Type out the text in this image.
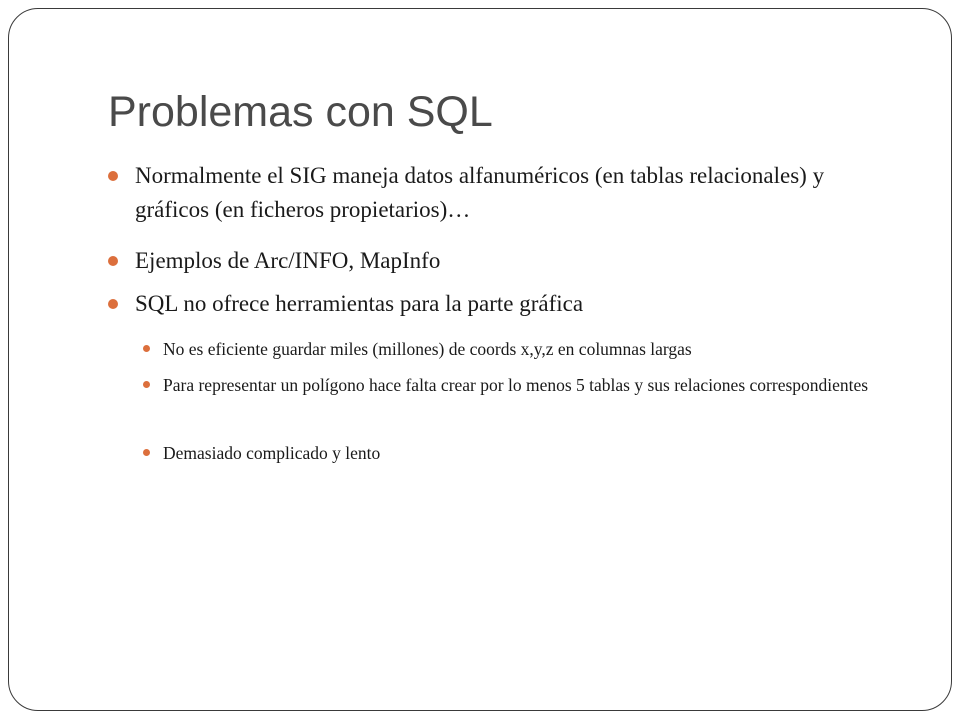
Problemas con SQL
Normalmente el SIG maneja datos alfanuméricos (en tablas relacionales) y gráficos (en ficheros propietarios)…
Ejemplos de Arc/INFO, MapInfo
SQL no ofrece herramientas para la parte gráfica
No es eficiente guardar miles (millones) de coords x,y,z en columnas largas
Para representar un polígono hace falta crear por lo menos 5 tablas y sus relaciones correspondientes
Demasiado complicado y lento
